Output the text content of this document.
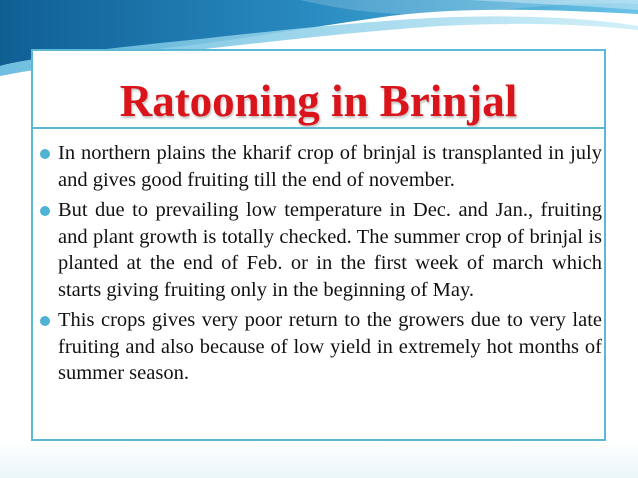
Ratooning in Brinjal
In northern plains the kharif crop of brinjal is transplanted in july and gives good fruiting till the end of november.
But due to prevailing low temperature in Dec. and Jan., fruiting and plant growth is totally checked. The summer crop of brinjal is planted at the end of Feb. or in the first week of march which starts giving fruiting only in the beginning of May.
This crops gives very poor return to the growers due to very late fruiting and also because of low yield in extremely hot months of summer season.
